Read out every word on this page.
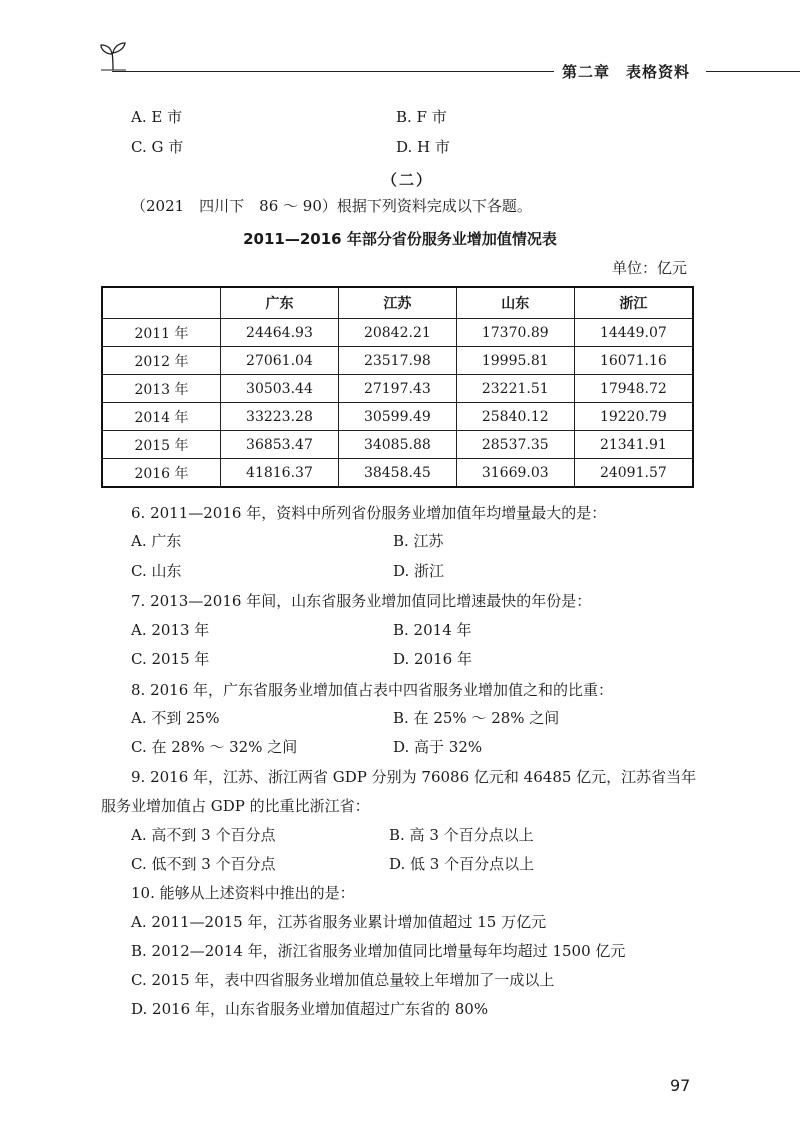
第二章　表格资料
A. E 市	B. F 市
C. G 市	D. H 市
（二）
（2021　四川下　86 ～ 90）根据下列资料完成以下各题。
2011—2016 年部分省份服务业增加值情况表
单位：亿元
	广东	江苏	山东	浙江
2011 年	24464.93	20842.21	17370.89	14449.07
2012 年	27061.04	23517.98	19995.81	16071.16
2013 年	30503.44	27197.43	23221.51	17948.72
2014 年	33223.28	30599.49	25840.12	19220.79
2015 年	36853.47	34085.88	28537.35	21341.91
2016 年	41816.37	38458.45	31669.03	24091.57
6. 2011—2016 年，资料中所列省份服务业增加值年均增量最大的是：
A. 广东	B. 江苏
C. 山东	D. 浙江
7. 2013—2016 年间，山东省服务业增加值同比增速最快的年份是：
A. 2013 年	B. 2014 年
C. 2015 年	D. 2016 年
8. 2016 年，广东省服务业增加值占表中四省服务业增加值之和的比重：
A. 不到 25%	B. 在 25% ～ 28% 之间
C. 在 28% ～ 32% 之间	D. 高于 32%
9. 2016 年，江苏、浙江两省 GDP 分别为 76086 亿元和 46485 亿元，江苏省当年
服务业增加值占 GDP 的比重比浙江省：
A. 高不到 3 个百分点	B. 高 3 个百分点以上
C. 低不到 3 个百分点	D. 低 3 个百分点以上
10. 能够从上述资料中推出的是：
A. 2011—2015 年，江苏省服务业累计增加值超过 15 万亿元
B. 2012—2014 年，浙江省服务业增加值同比增量每年均超过 1500 亿元
C. 2015 年，表中四省服务业增加值总量较上年增加了一成以上
D. 2016 年，山东省服务业增加值超过广东省的 80%
97
